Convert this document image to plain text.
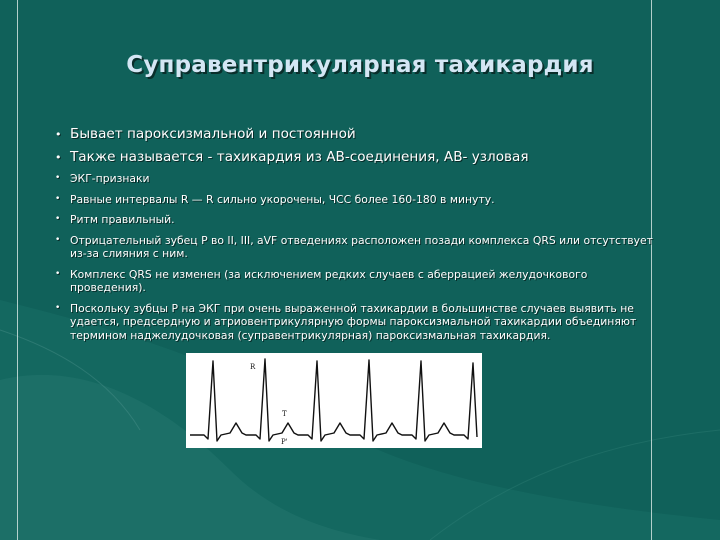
Суправентрикулярная тахикардия
• Бывает пароксизмальной и постоянной
• Также называется - тахикардия из АВ-соединения, АВ- узловая
• ЭКГ-признаки
• Равные интервалы R — R сильно укорочены, ЧСС более 160-180 в минуту.
• Ритм правильный.
• Отрицательный зубец Р во II, III, aVF отведениях расположен позади комплекса QRS или отсутствует из-за слияния с ним.
• Комплекс QRS не изменен (за исключением редких случаев с аберрацией желудочкового проведения).
• Поскольку зубцы Р на ЭКГ при очень выраженной тахикардии в большинстве случаев выявить не удается, предсердную и атриовентрикулярную формы пароксизмальной тахикардии объединяют термином наджелудочковая (суправентрикулярная) пароксизмальная тахикардия.
R
T
P'
